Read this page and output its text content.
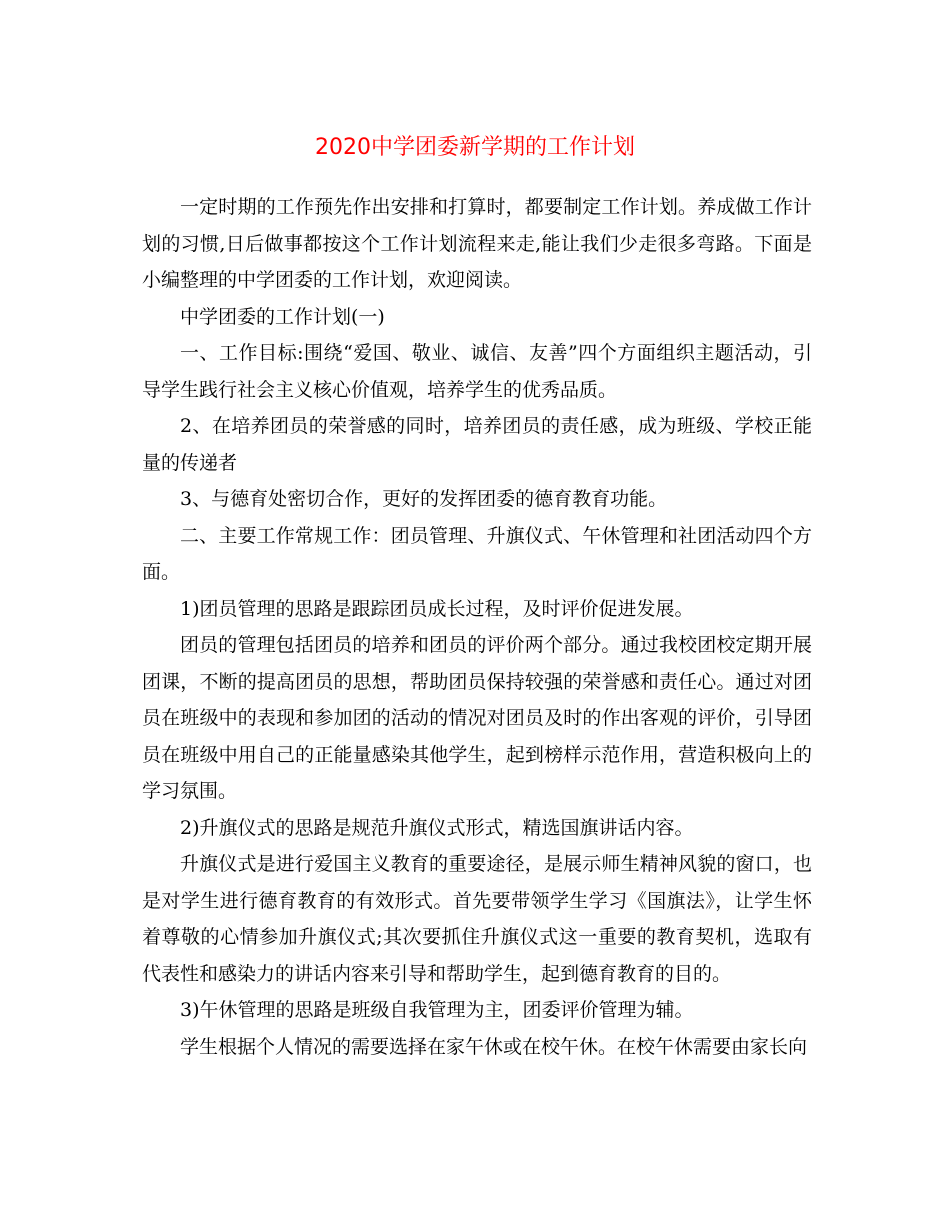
2020中学团委新学期的工作计划

一定时期的工作预先作出安排和打算时，都要制定工作计划。养成做工作计划的习惯,日后做事都按这个工作计划流程来走,能让我们少走很多弯路。下面是小编整理的中学团委的工作计划，欢迎阅读。

中学团委的工作计划(一)

一、工作目标:围绕“爱国、敬业、诚信、友善”四个方面组织主题活动，引导学生践行社会主义核心价值观，培养学生的优秀品质。

2、在培养团员的荣誉感的同时，培养团员的责任感，成为班级、学校正能量的传递者

3、与德育处密切合作，更好的发挥团委的德育教育功能。

二、主要工作常规工作：团员管理、升旗仪式、午休管理和社团活动四个方面。

1)团员管理的思路是跟踪团员成长过程，及时评价促进发展。

团员的管理包括团员的培养和团员的评价两个部分。通过我校团校定期开展团课，不断的提高团员的思想，帮助团员保持较强的荣誉感和责任心。通过对团员在班级中的表现和参加团的活动的情况对团员及时的作出客观的评价，引导团员在班级中用自己的正能量感染其他学生，起到榜样示范作用，营造积极向上的学习氛围。

2)升旗仪式的思路是规范升旗仪式形式，精选国旗讲话内容。

升旗仪式是进行爱国主义教育的重要途径，是展示师生精神风貌的窗口，也是对学生进行德育教育的有效形式。首先要带领学生学习《国旗法》，让学生怀着尊敬的心情参加升旗仪式;其次要抓住升旗仪式这一重要的教育契机，选取有代表性和感染力的讲话内容来引导和帮助学生，起到德育教育的目的。

3)午休管理的思路是班级自我管理为主，团委评价管理为辅。

学生根据个人情况的需要选择在家午休或在校午休。在校午休需要由家长向
